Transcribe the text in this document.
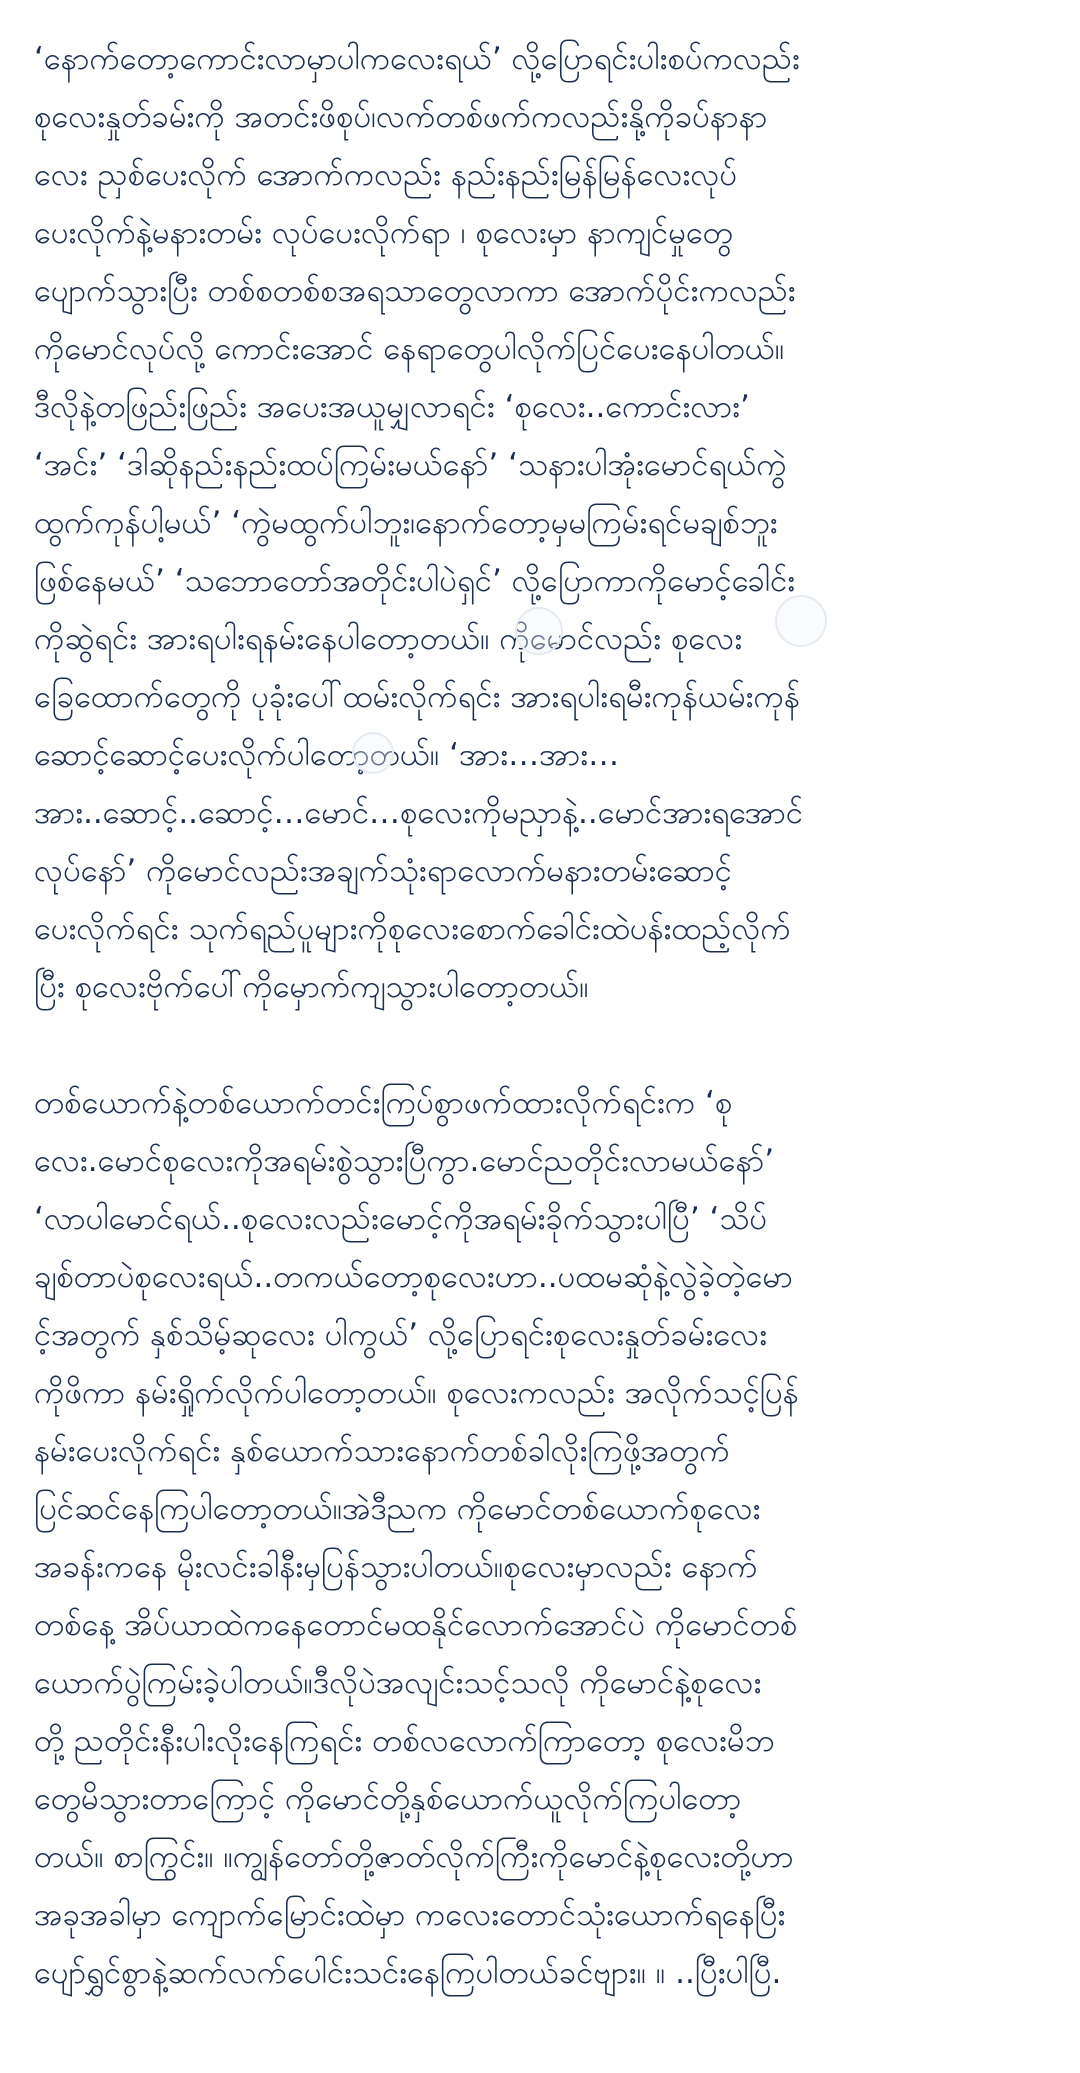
‘နောက်တော့ကောင်းလာမှာပါကလေးရယ်’ လို့ပြောရင်းပါးစပ်ကလည်း
စုလေးနှုတ်ခမ်းကို အတင်းဖိစုပ်၊လက်တစ်ဖက်ကလည်းနို့ကိုခပ်နာနာ
လေး ညှစ်ပေးလိုက် အောက်ကလည်း နည်းနည်းမြန်မြန်လေးလုပ်
ပေးလိုက်နဲ့မနားတမ်း လုပ်ပေးလိုက်ရာ ၊ စုလေးမှာ နာကျင်မှုတွေ
ပျောက်သွားပြီး တစ်စတစ်စအရသာတွေလာကာ အောက်ပိုင်းကလည်း
ကိုမောင်လုပ်လို့ ကောင်းအောင် နေရာတွေပါလိုက်ပြင်ပေးနေပါတယ်။
ဒီလိုနဲ့တဖြည်းဖြည်း အပေးအယူမျှလာရင်း ‘စုလေး..ကောင်းလား’
‘အင်း’ ‘ဒါဆိုနည်းနည်းထပ်ကြမ်းမယ်နော်’ ‘သနားပါအုံးမောင်ရယ်ကွဲ
ထွက်ကုန်ပါ့မယ်’ ‘ကွဲမထွက်ပါဘူး၊နောက်တော့မှမကြမ်းရင်မချစ်ဘူး
ဖြစ်နေမယ်’ ‘သဘောတော်အတိုင်းပါပဲရှင်’ လို့ပြောကာကိုမောင့်ခေါင်း
ကိုဆွဲရင်း အားရပါးရနမ်းနေပါတော့တယ်။ ကိုမောင်လည်း စုလေး
ခြေထောက်တွေကို ပုခုံးပေါ်ထမ်းလိုက်ရင်း အားရပါးရမီးကုန်ယမ်းကုန်
ဆောင့်ဆောင့်ပေးလိုက်ပါတော့တယ်။ ‘အား…အား…
အား..ဆောင့်..ဆောင့်…မောင်…စုလေးကိုမညှာနဲ့..မောင်အားရအောင်
လုပ်နော်’ ကိုမောင်လည်းအချက်သုံးရာလောက်မနားတမ်းဆောင့်
ပေးလိုက်ရင်း သုက်ရည်ပူများကိုစုလေးစောက်ခေါင်းထဲပန်းထည့်လိုက်
ပြီး စုလေးဗိုက်ပေါ်ကိုမှောက်ကျသွားပါတော့တယ်။

တစ်ယောက်နဲ့တစ်ယောက်တင်းကြပ်စွာဖက်ထားလိုက်ရင်းက ‘စု
လေး.မောင်စုလေးကိုအရမ်းစွဲသွားပြီကွာ.မောင်ညတိုင်းလာမယ်နော်’
‘လာပါမောင်ရယ်..စုလေးလည်းမောင့်ကိုအရမ်းခိုက်သွားပါပြီ’ ‘သိပ်
ချစ်တာပဲစုလေးရယ်..တကယ်တော့စုလေးဟာ..ပထမဆုံနဲ့လွဲခဲ့တဲ့မော
င့်အတွက် နှစ်သိမ့်ဆုလေး ပါကွယ်’ လို့ပြောရင်းစုလေးနှုတ်ခမ်းလေး
ကိုဖိကာ နမ်းရှိုက်လိုက်ပါတော့တယ်။ စုလေးကလည်း အလိုက်သင့်ပြန်
နမ်းပေးလိုက်ရင်း နှစ်ယောက်သားနောက်တစ်ခါလိုးကြဖို့အတွက်
ပြင်ဆင်နေကြပါတော့တယ်။အဲဒီညက ကိုမောင်တစ်ယောက်စုလေး
အခန်းကနေ မိုးလင်းခါနီးမှပြန်သွားပါတယ်။စုလေးမှာလည်း နောက်
တစ်နေ့ အိပ်ယာထဲကနေတောင်မထနိုင်လောက်အောင်ပဲ ကိုမောင်တစ်
ယောက်ပွဲကြမ်းခဲ့ပါတယ်။ဒီလိုပဲအလျင်းသင့်သလို ကိုမောင်နဲ့စုလေး
တို့ ညတိုင်းနီးပါးလိုးနေကြရင်း တစ်လလောက်ကြာတော့ စုလေးမိဘ
တွေမိသွားတာကြောင့် ကိုမောင်တို့နှစ်ယောက်ယူလိုက်ကြပါတော့
တယ်။ စာကြွင်း။ ။ကျွန်တော်တို့ဇာတ်လိုက်ကြီးကိုမောင်နဲ့စုလေးတို့ဟာ
အခုအခါမှာ ကျောက်မြောင်းထဲမှာ ကလေးတောင်သုံးယောက်ရနေပြီး
ပျော်ရွှင်စွာနဲ့ဆက်လက်ပေါင်းသင်းနေကြပါတယ်ခင်ဗျား။ ။ ..ပြီးပါပြီ.
